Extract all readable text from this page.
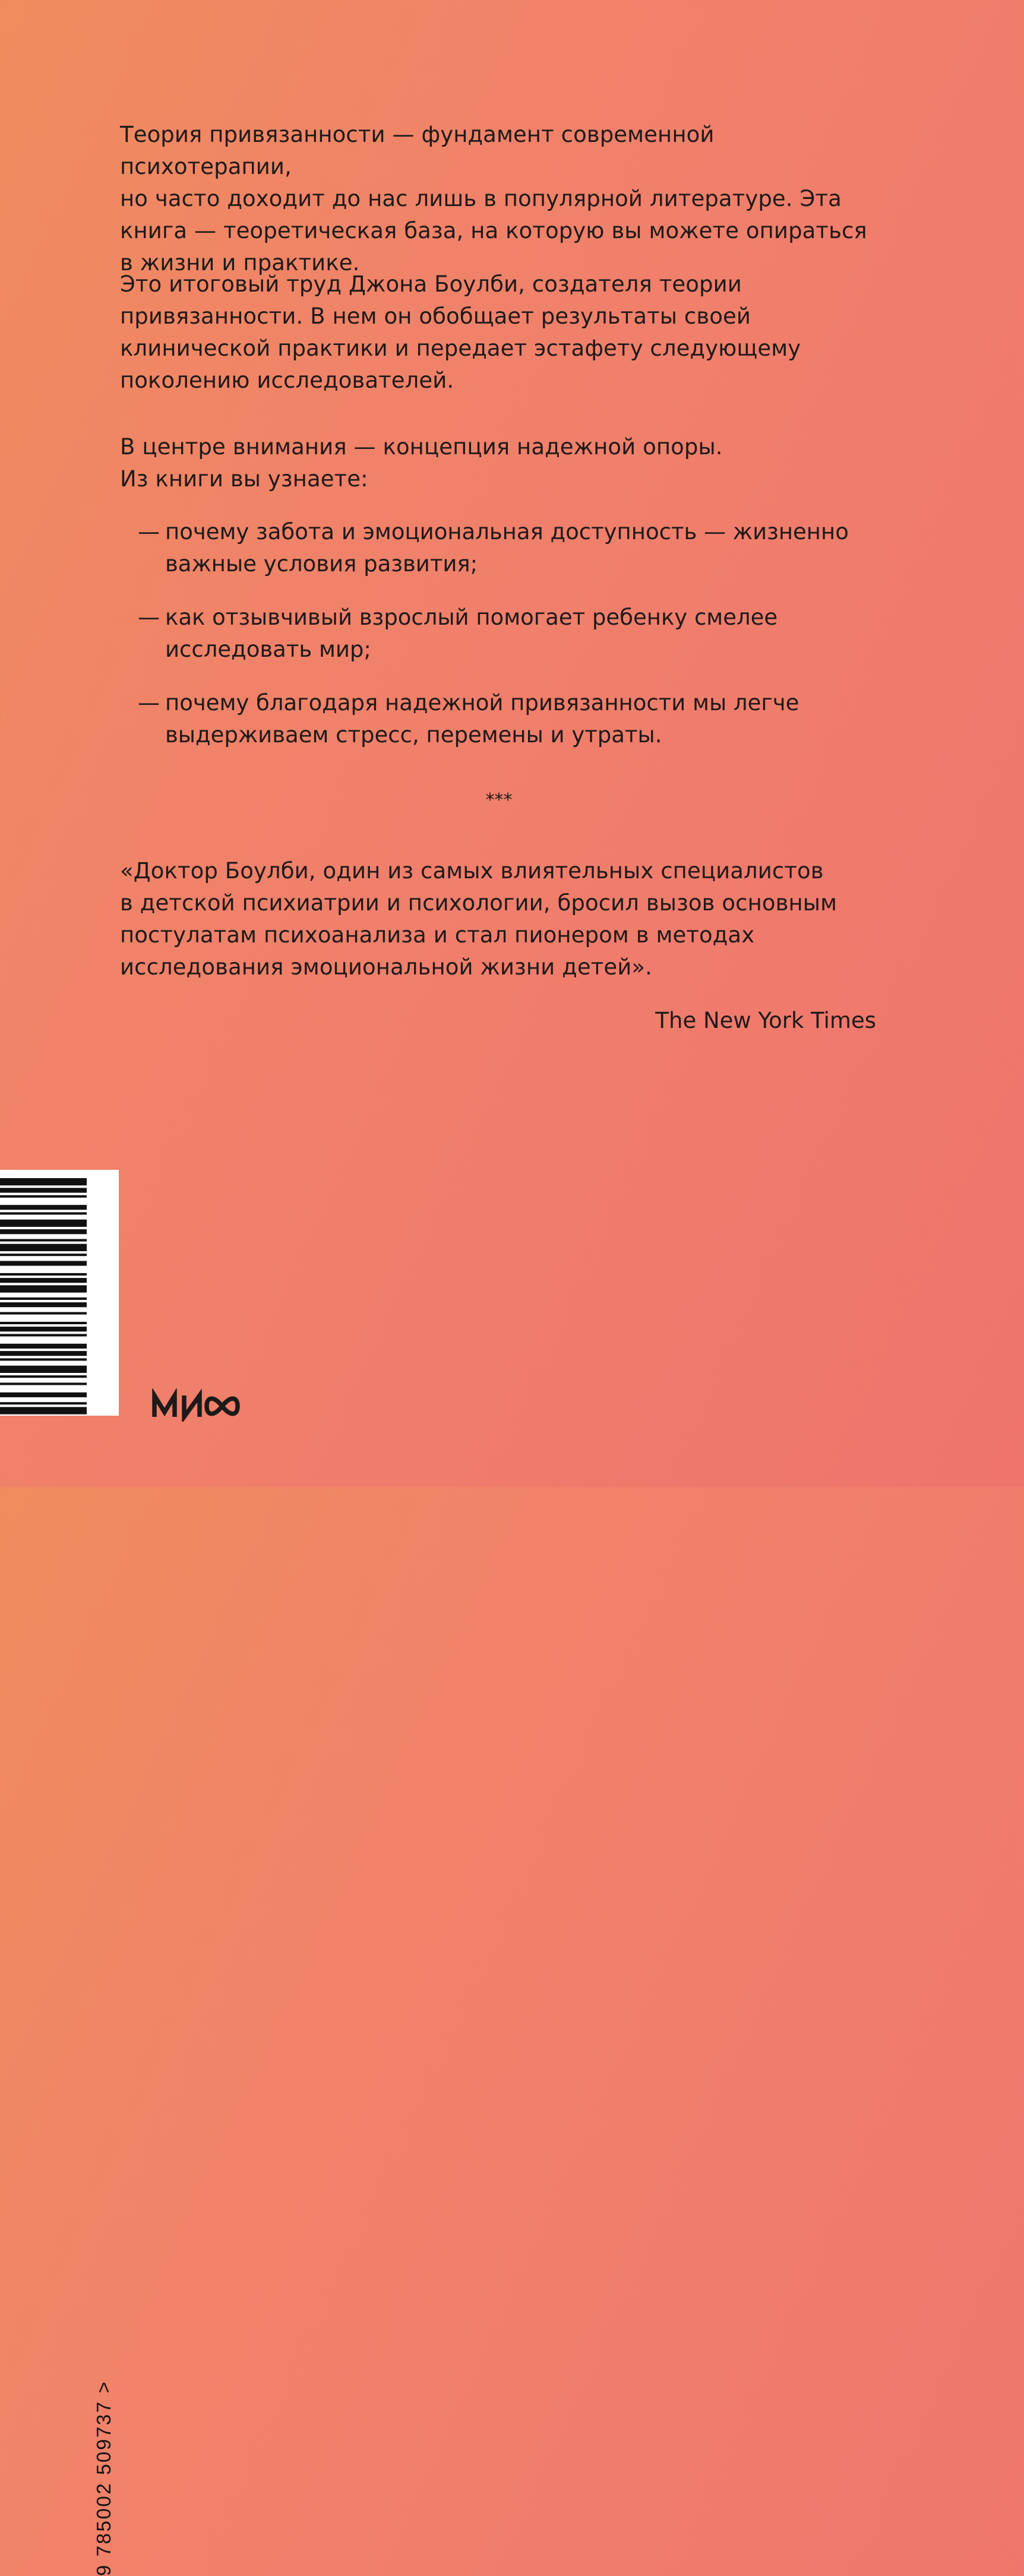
Теория привязанности — фундамент современной психотерапии,
но часто доходит до нас лишь в популярной литературе. Эта
книга — теоретическая база, на которую вы можете опираться
в жизни и практике.
Это итоговый труд Джона Боулби, создателя теории
привязанности. В нем он обобщает результаты своей
клинической практики и передает эстафету следующему
поколению исследователей.
В центре внимания — концепция надежной опоры.
Из книги вы узнаете:
— почему забота и эмоциональная доступность — жизненно
важные условия развития;
— как отзывчивый взрослый помогает ребенку смелее
исследовать мир;
— почему благодаря надежной привязанности мы легче
выдерживаем стресс, перемены и утраты.
***
«Доктор Боулби, один из самых влиятельных специалистов
в детской психиатрии и психологии, бросил вызов основным
постулатам психоанализа и стал пионером в методах
исследования эмоциональной жизни детей».
The New York Times
9 785002 509737 >
